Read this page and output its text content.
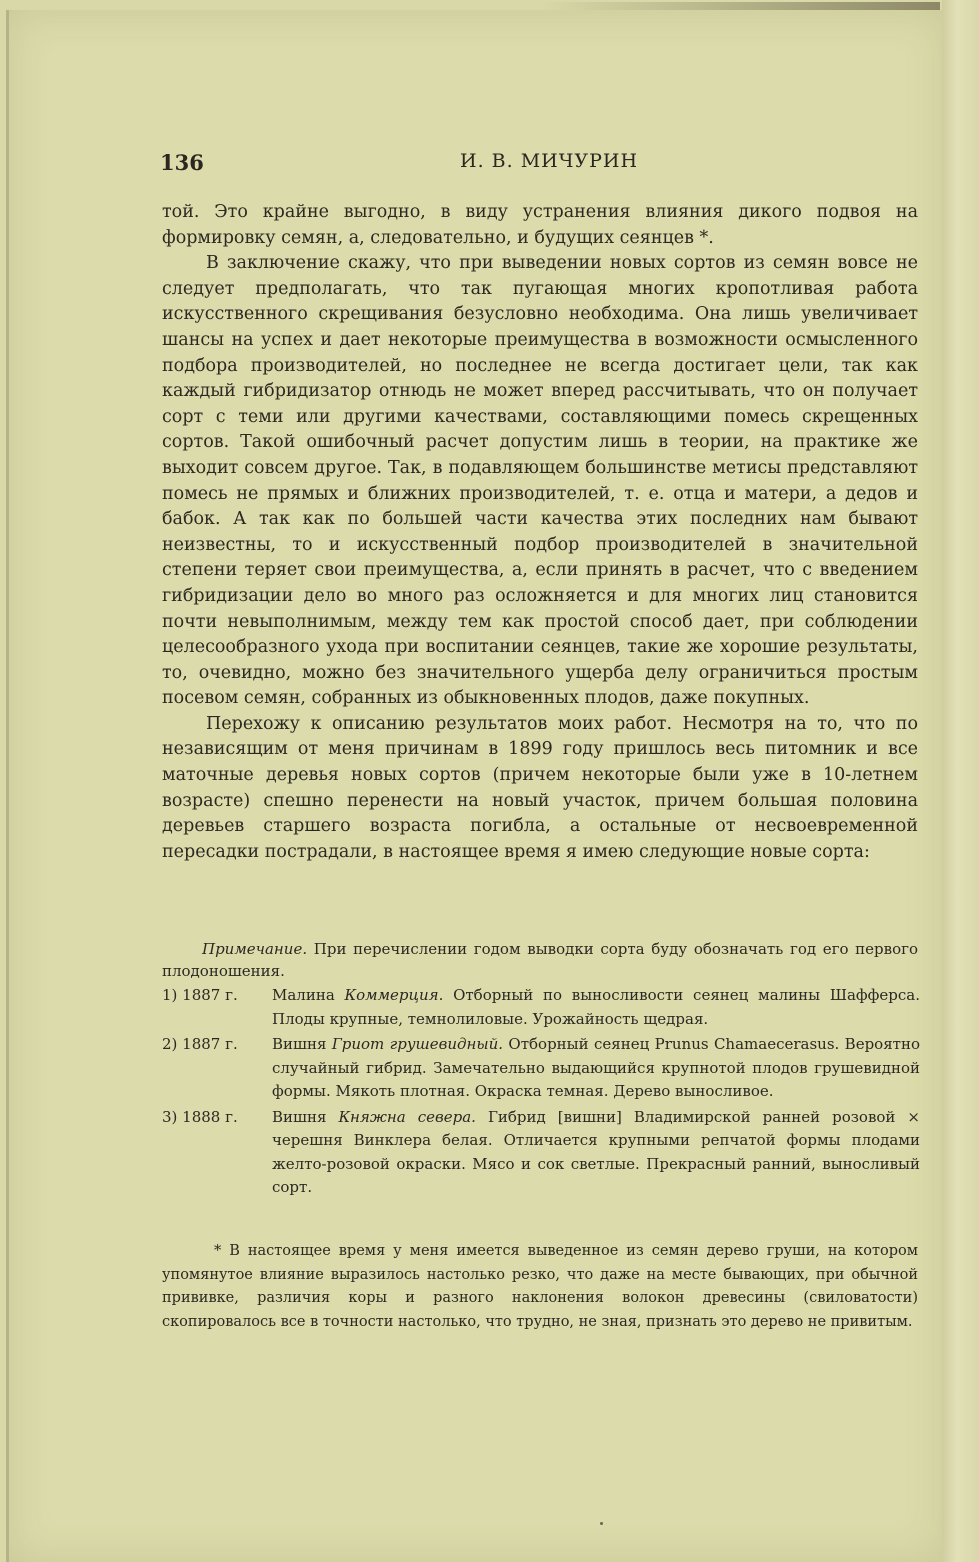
136	И. В. МИЧУРИН

той. Это крайне выгодно, в виду устранения влияния дикого подвоя на формировку семян, а, следовательно, и будущих сеянцев *.

В заключение скажу, что при выведении новых сортов из семян вовсе не следует предполагать, что так пугающая многих кропотливая работа искусственного скрещивания безусловно необходима. Она лишь увеличивает шансы на успех и дает некоторые преимущества в возможности осмысленного подбора производителей, но последнее не всегда достигает цели, так как каждый гибридизатор отнюдь не может вперед рассчитывать, что он получает сорт с теми или другими качествами, составляющими помесь скрещенных сортов. Такой ошибочный расчет допустим лишь в теории, на практике же выходит совсем другое. Так, в подавляющем большинстве метисы представляют помесь не прямых и ближних производителей, т. е. отца и матери, а дедов и бабок. А так как по большей части качества этих последних нам бывают неизвестны, то и искусственный подбор производителей в значительной степени теряет свои преимущества, а, если принять в расчет, что с введением гибридизации дело во много раз осложняется и для многих лиц становится почти невыполнимым, между тем как простой способ дает, при соблюдении целесообразного ухода при воспитании сеянцев, такие же хорошие результаты, то, очевидно, можно без значительного ущерба делу ограничиться простым посевом семян, собранных из обыкновенных плодов, даже покупных.

Перехожу к описанию результатов моих работ. Несмотря на то, что по независящим от меня причинам в 1899 году пришлось весь питомник и все маточные деревья новых сортов (причем некоторые были уже в 10-летнем возрасте) спешно перенести на новый участок, причем большая половина деревьев старшего возраста погибла, а остальные от несвоевременной пересадки пострадали, в настоящее время я имею следующие новые сорта:

Примечание. При перечислении годом выводки сорта буду обозначать год его первого плодоношения.
1) 1887 г.	Малина Коммерция. Отборный по выносливости сеянец малины Шафферса. Плоды крупные, темнолиловые. Урожайность щедрая.
2) 1887 г.	Вишня Гриот грушевидный. Отборный сеянец Prunus Chamaecerasus. Вероятно случайный гибрид. Замечательно выдающийся крупнотой плодов грушевидной формы. Мякоть плотная. Окраска темная. Дерево выносливое.
3) 1888 г.	Вишня Княжна севера. Гибрид [вишни] Владимирской ранней розовой × черешня Винклера белая. Отличается крупными репчатой формы плодами желто-розовой окраски. Мясо и сок светлые. Прекрасный ранний, выносливый сорт.
* В настоящее время у меня имеется выведенное из семян дерево груши, на котором упомянутое влияние выразилось настолько резко, что даже на месте бывающих, при обычной прививке, различия коры и разного наклонения волокон древесины (свиловатости) скопировалось все в точности настолько, что трудно, не зная, признать это дерево не привитым.
